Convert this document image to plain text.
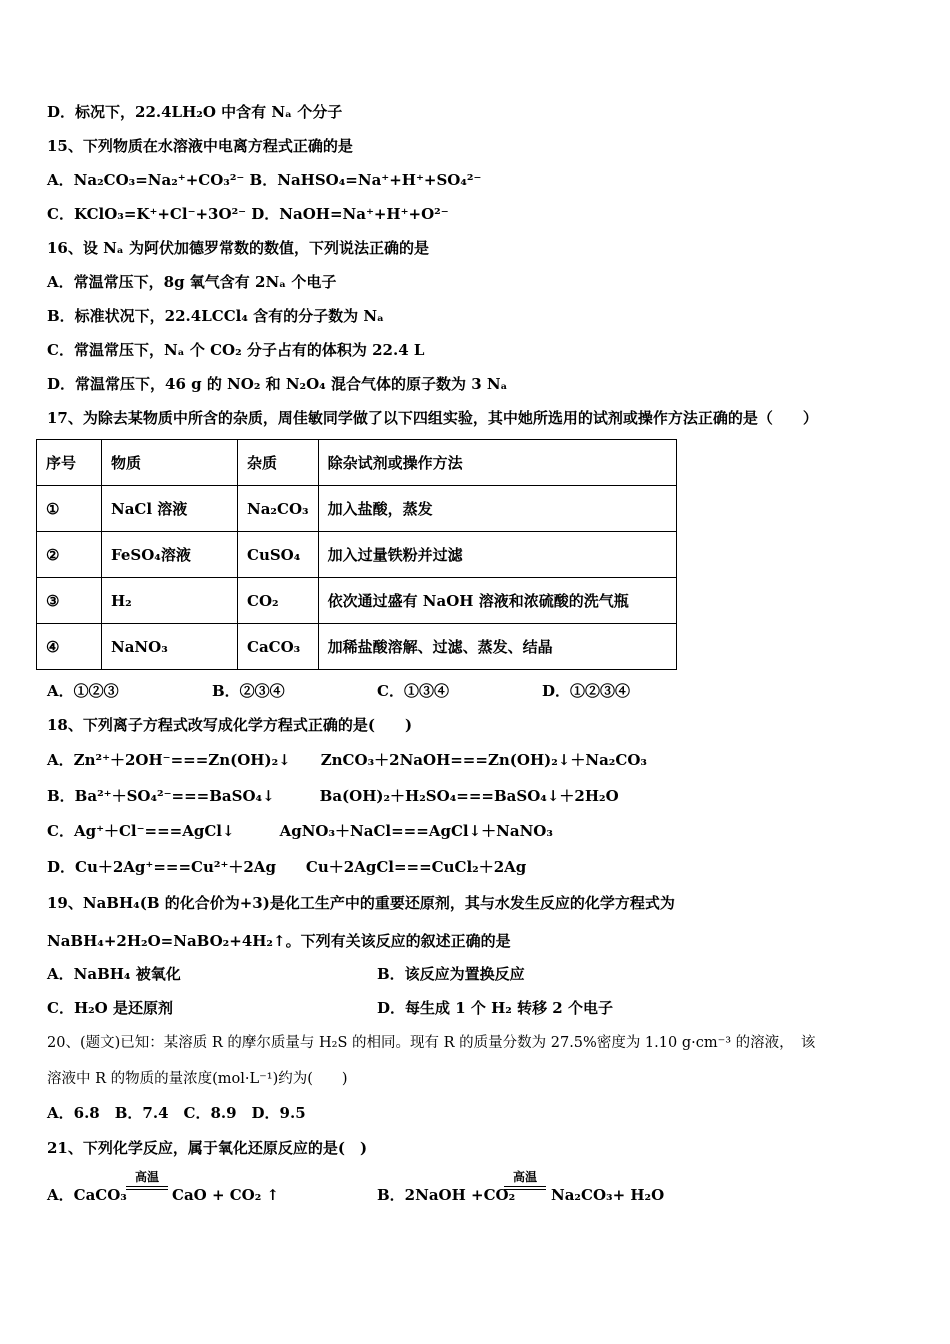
D．标况下，22.4LH₂O 中含有 Nₐ 个分子
15、下列物质在水溶液中电离方程式正确的是
A．Na₂CO₃=Na₂⁺+CO₃²⁻ B．NaHSO₄=Na⁺+H⁺+SO₄²⁻
C．KClO₃=K⁺+Cl⁻+3O²⁻ D．NaOH=Na⁺+H⁺+O²⁻
16、设 Nₐ 为阿伏加德罗常数的数值，下列说法正确的是
A．常温常压下，8g 氧气含有 2Nₐ 个电子
B．标准状况下，22.4LCCl₄ 含有的分子数为 Nₐ
C．常温常压下，Nₐ 个 CO₂ 分子占有的体积为 22.4 L
D．常温常压下，46 g 的 NO₂ 和 N₂O₄ 混合气体的原子数为 3 Nₐ
17、为除去某物质中所含的杂质，周佳敏同学做了以下四组实验，其中她所选用的试剂或操作方法正确的是（　　）
序号	物质	杂质	除杂试剂或操作方法
①	NaCl 溶液	Na₂CO₃	加入盐酸，蒸发
②	FeSO₄溶液	CuSO₄	加入过量铁粉并过滤
③	H₂	CO₂	依次通过盛有 NaOH 溶液和浓硫酸的洗气瓶
④	NaNO₃	CaCO₃	加稀盐酸溶解、过滤、蒸发、结晶
A．①②③	B．②③④	C．①③④	D．①②③④
18、下列离子方程式改写成化学方程式正确的是(　　)
A．Zn²⁺＋2OH⁻===Zn(OH)₂↓　　ZnCO₃＋2NaOH===Zn(OH)₂↓＋Na₂CO₃
B．Ba²⁺＋SO₄²⁻===BaSO₄↓　　　Ba(OH)₂＋H₂SO₄===BaSO₄↓＋2H₂O
C．Ag⁺＋Cl⁻===AgCl↓　　　AgNO₃＋NaCl===AgCl↓＋NaNO₃
D．Cu＋2Ag⁺===Cu²⁺＋2Ag　　Cu＋2AgCl===CuCl₂＋2Ag
19、NaBH₄(B 的化合价为+3)是化工生产中的重要还原剂，其与水发生反应的化学方程式为
NaBH₄+2H₂O=NaBO₂+4H₂↑。下列有关该反应的叙述正确的是
A．NaBH₄ 被氧化	B．该反应为置换反应
C．H₂O 是还原剂	D．每生成 1 个 H₂ 转移 2 个电子
20、(题文)已知：某溶质 R 的摩尔质量与 H₂S 的相同。现有 R 的质量分数为 27.5%密度为 1.10 g·cm⁻³ 的溶液，　该
溶液中 R 的物质的量浓度(mol·L⁻¹)约为(　　)
A．6.8　B．7.4　C．8.9　D．9.5
21、下列化学反应，属于氧化还原反应的是(　)
A．CaCO₃
高温
CaO + CO₂ ↑	B．2NaOH +CO₂
高温
Na₂CO₃+ H₂O
